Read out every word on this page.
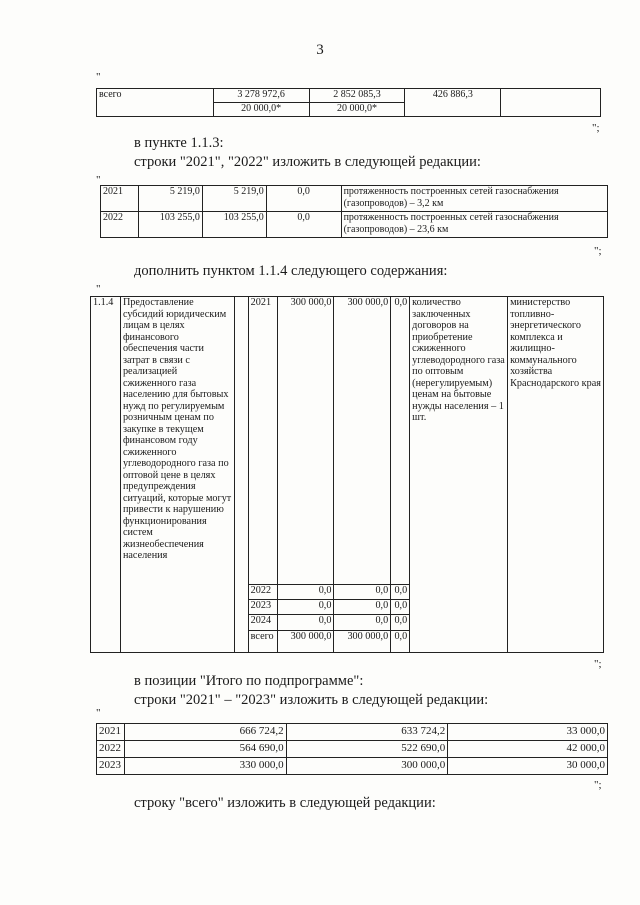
3
"
всего	3 278 972,6	2 852 085,3	426 886,3	
	20 000,0*	20 000,0*		
";
в пункте 1.1.3:
строки "2021", "2022" изложить в следующей редакции:
"
2021	5 219,0	5 219,0	0,0	протяженность построенных сетей газоснабжения (газопроводов) – 3,2 км
2022	103 255,0	103 255,0	0,0	протяженность построенных сетей газоснабжения (газопроводов) – 23,6 км
";
дополнить пунктом 1.1.4 следующего содержания:
"
1.1.4	Предоставление субсидий юридическим лицам в целях финансового обеспечения части затрат в связи с реализацией сжиженного газа населению для бытовых нужд по регулируемым розничным ценам по закупке в текущем финансовом году сжиженного углеводородного газа по оптовой цене в целях предупреждения ситуаций, которые могут привести к нарушению функционирования систем жизнеобеспечения населения		2021	300 000,0	300 000,0	0,0	количество заключенных договоров на приобретение сжиженного углеводородного газа по оптовым (нерегулируемым) ценам на бытовые нужды населения – 1 шт.	министерство топливно-энергетического комплекса и жилищно-коммунального хозяйства Краснодарского края
			2022	0,0	0,0	0,0		
			2023	0,0	0,0	0,0		
			2024	0,0	0,0	0,0		
			всего	300 000,0	300 000,0	0,0		
";
в позиции "Итого по подпрограмме":
строки "2021" – "2023" изложить в следующей редакции:
"
2021	666 724,2	633 724,2	33 000,0
2022	564 690,0	522 690,0	42 000,0
2023	330 000,0	300 000,0	30 000,0
";
строку "всего" изложить в следующей редакции:
